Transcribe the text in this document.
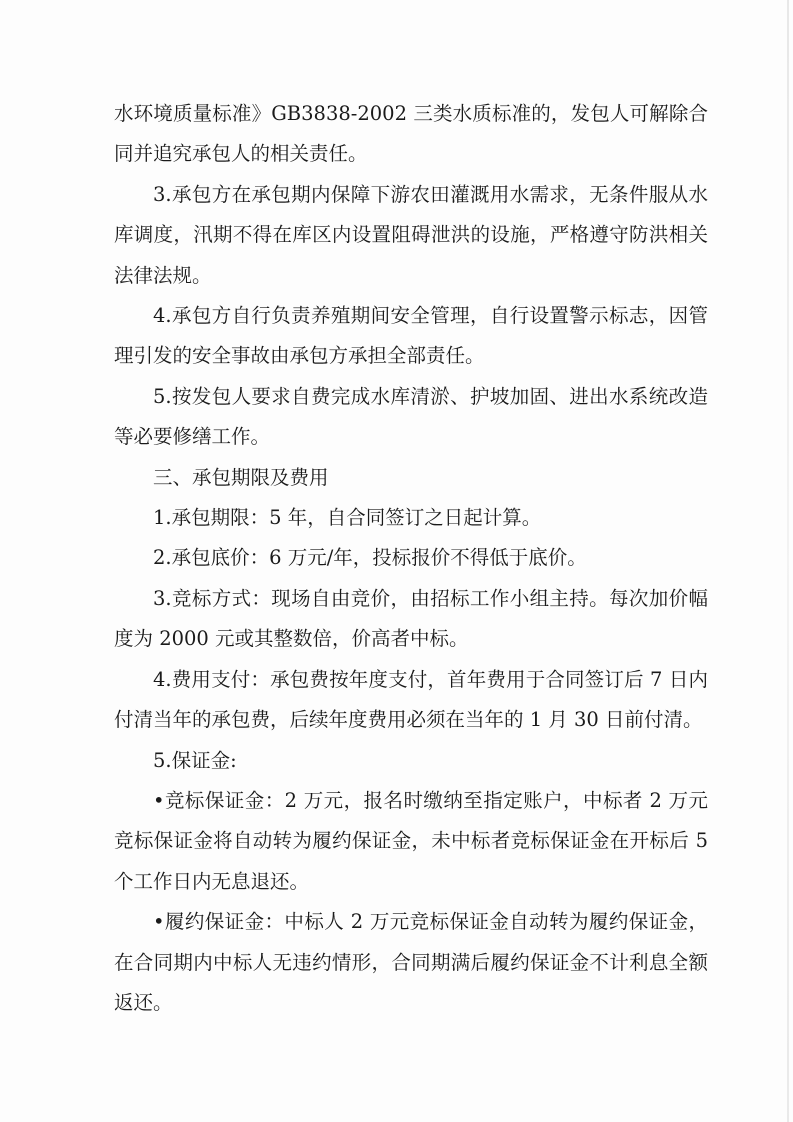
水环境质量标准》GB3838-2002 三类水质标准的，发包人可解除合同并追究承包人的相关责任。

3.承包方在承包期内保障下游农田灌溉用水需求，无条件服从水库调度，汛期不得在库区内设置阻碍泄洪的设施，严格遵守防洪相关法律法规。

4.承包方自行负责养殖期间安全管理，自行设置警示标志，因管理引发的安全事故由承包方承担全部责任。

5.按发包人要求自费完成水库清淤、护坡加固、进出水系统改造等必要修缮工作。

三、承包期限及费用

1.承包期限：5 年，自合同签订之日起计算。

2.承包底价：6 万元/年，投标报价不得低于底价。

3.竞标方式：现场自由竞价，由招标工作小组主持。每次加价幅度为 2000 元或其整数倍，价高者中标。

4.费用支付：承包费按年度支付，首年费用于合同签订后 7 日内付清当年的承包费，后续年度费用必须在当年的 1 月 30 日前付清。

5.保证金:

•竞标保证金：2 万元，报名时缴纳至指定账户，中标者 2 万元竞标保证金将自动转为履约保证金，未中标者竞标保证金在开标后 5 个工作日内无息退还。

•履约保证金：中标人 2 万元竞标保证金自动转为履约保证金，在合同期内中标人无违约情形，合同期满后履约保证金不计利息全额返还。
